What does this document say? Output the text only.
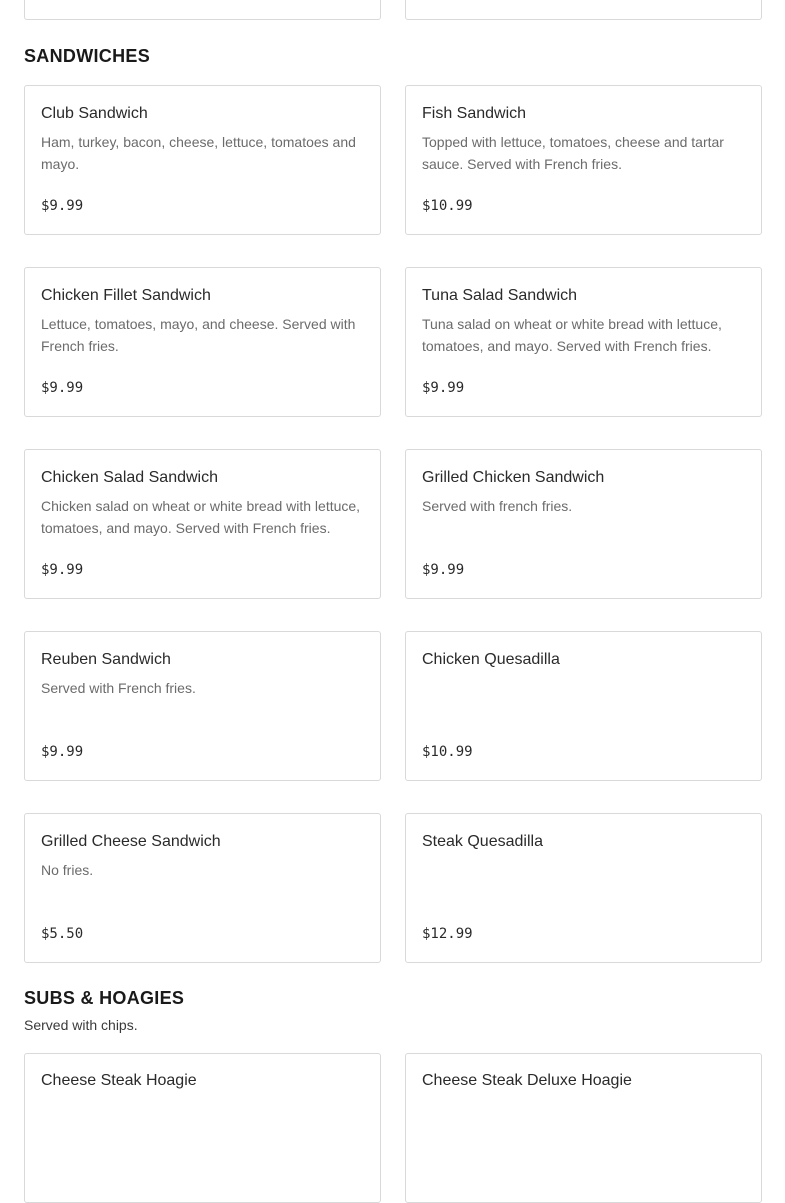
SANDWICHES
Club Sandwich
Ham, turkey, bacon, cheese, lettuce, tomatoes and mayo.
$9.99
Fish Sandwich
Topped with lettuce, tomatoes, cheese and tartar sauce. Served with French fries.
$10.99
Chicken Fillet Sandwich
Lettuce, tomatoes, mayo, and cheese. Served with French fries.
$9.99
Tuna Salad Sandwich
Tuna salad on wheat or white bread with lettuce, tomatoes, and mayo. Served with French fries.
$9.99
Chicken Salad Sandwich
Chicken salad on wheat or white bread with lettuce, tomatoes, and mayo. Served with French fries.
$9.99
Grilled Chicken Sandwich
Served with french fries.
$9.99
Reuben Sandwich
Served with French fries.
$9.99
Chicken Quesadilla
$10.99
Grilled Cheese Sandwich
No fries.
$5.50
Steak Quesadilla
$12.99
SUBS & HOAGIES
Served with chips.
Cheese Steak Hoagie	Cheese Steak Deluxe Hoagie
